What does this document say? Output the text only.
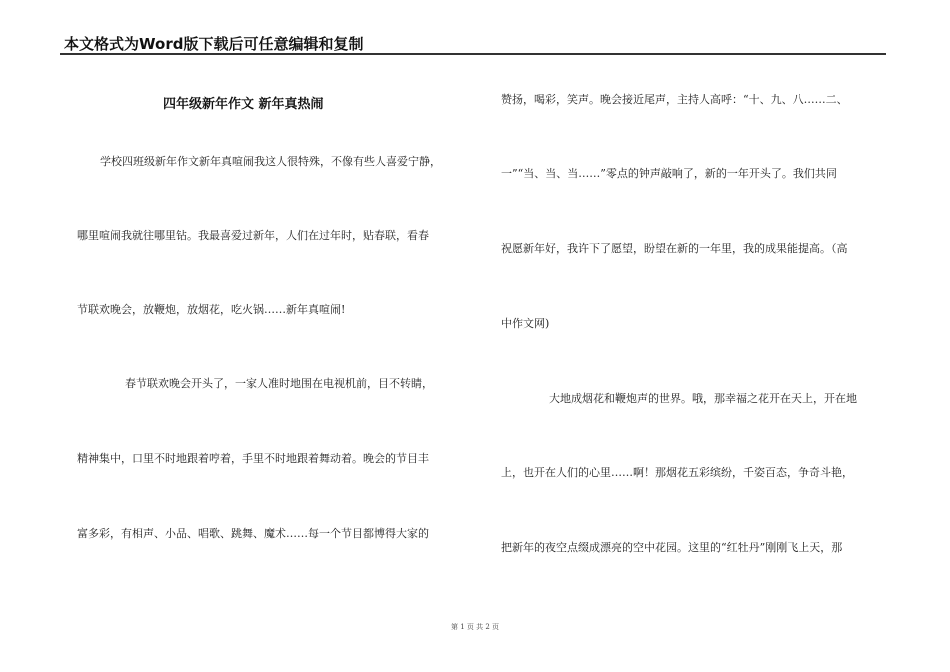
本文格式为Word版下载后可任意编辑和复制
四年级新年作文 新年真热闹
学校四班级新年作文新年真喧闹我这人很特殊，不像有些人喜爱宁静，
哪里喧闹我就往哪里钻。我最喜爱过新年，人们在过年时，贴春联，看春
节联欢晚会，放鞭炮，放烟花，吃火锅……新年真喧闹!
春节联欢晚会开头了，一家人准时地围在电视机前，目不转睛，
精神集中，口里不时地跟着哼着，手里不时地跟着舞动着。晚会的节目丰
富多彩，有相声、小品、唱歌、跳舞、魔术……每一个节目都博得大家的
赞扬，喝彩，笑声。晚会接近尾声，主持人高呼：“十、九、八……二、
一”“当、当、当……”零点的钟声敲响了，新的一年开头了。我们共同
祝愿新年好，我许下了愿望，盼望在新的一年里，我的成果能提高。（高
中作文网)
大地成烟花和鞭炮声的世界。哦，那幸福之花开在天上，开在地
上，也开在人们的心里……啊！那烟花五彩缤纷，千姿百态，争奇斗艳，
把新年的夜空点缀成漂亮的空中花园。这里的“红牡丹”刚刚飞上天，那
第 1 页 共 2 页
